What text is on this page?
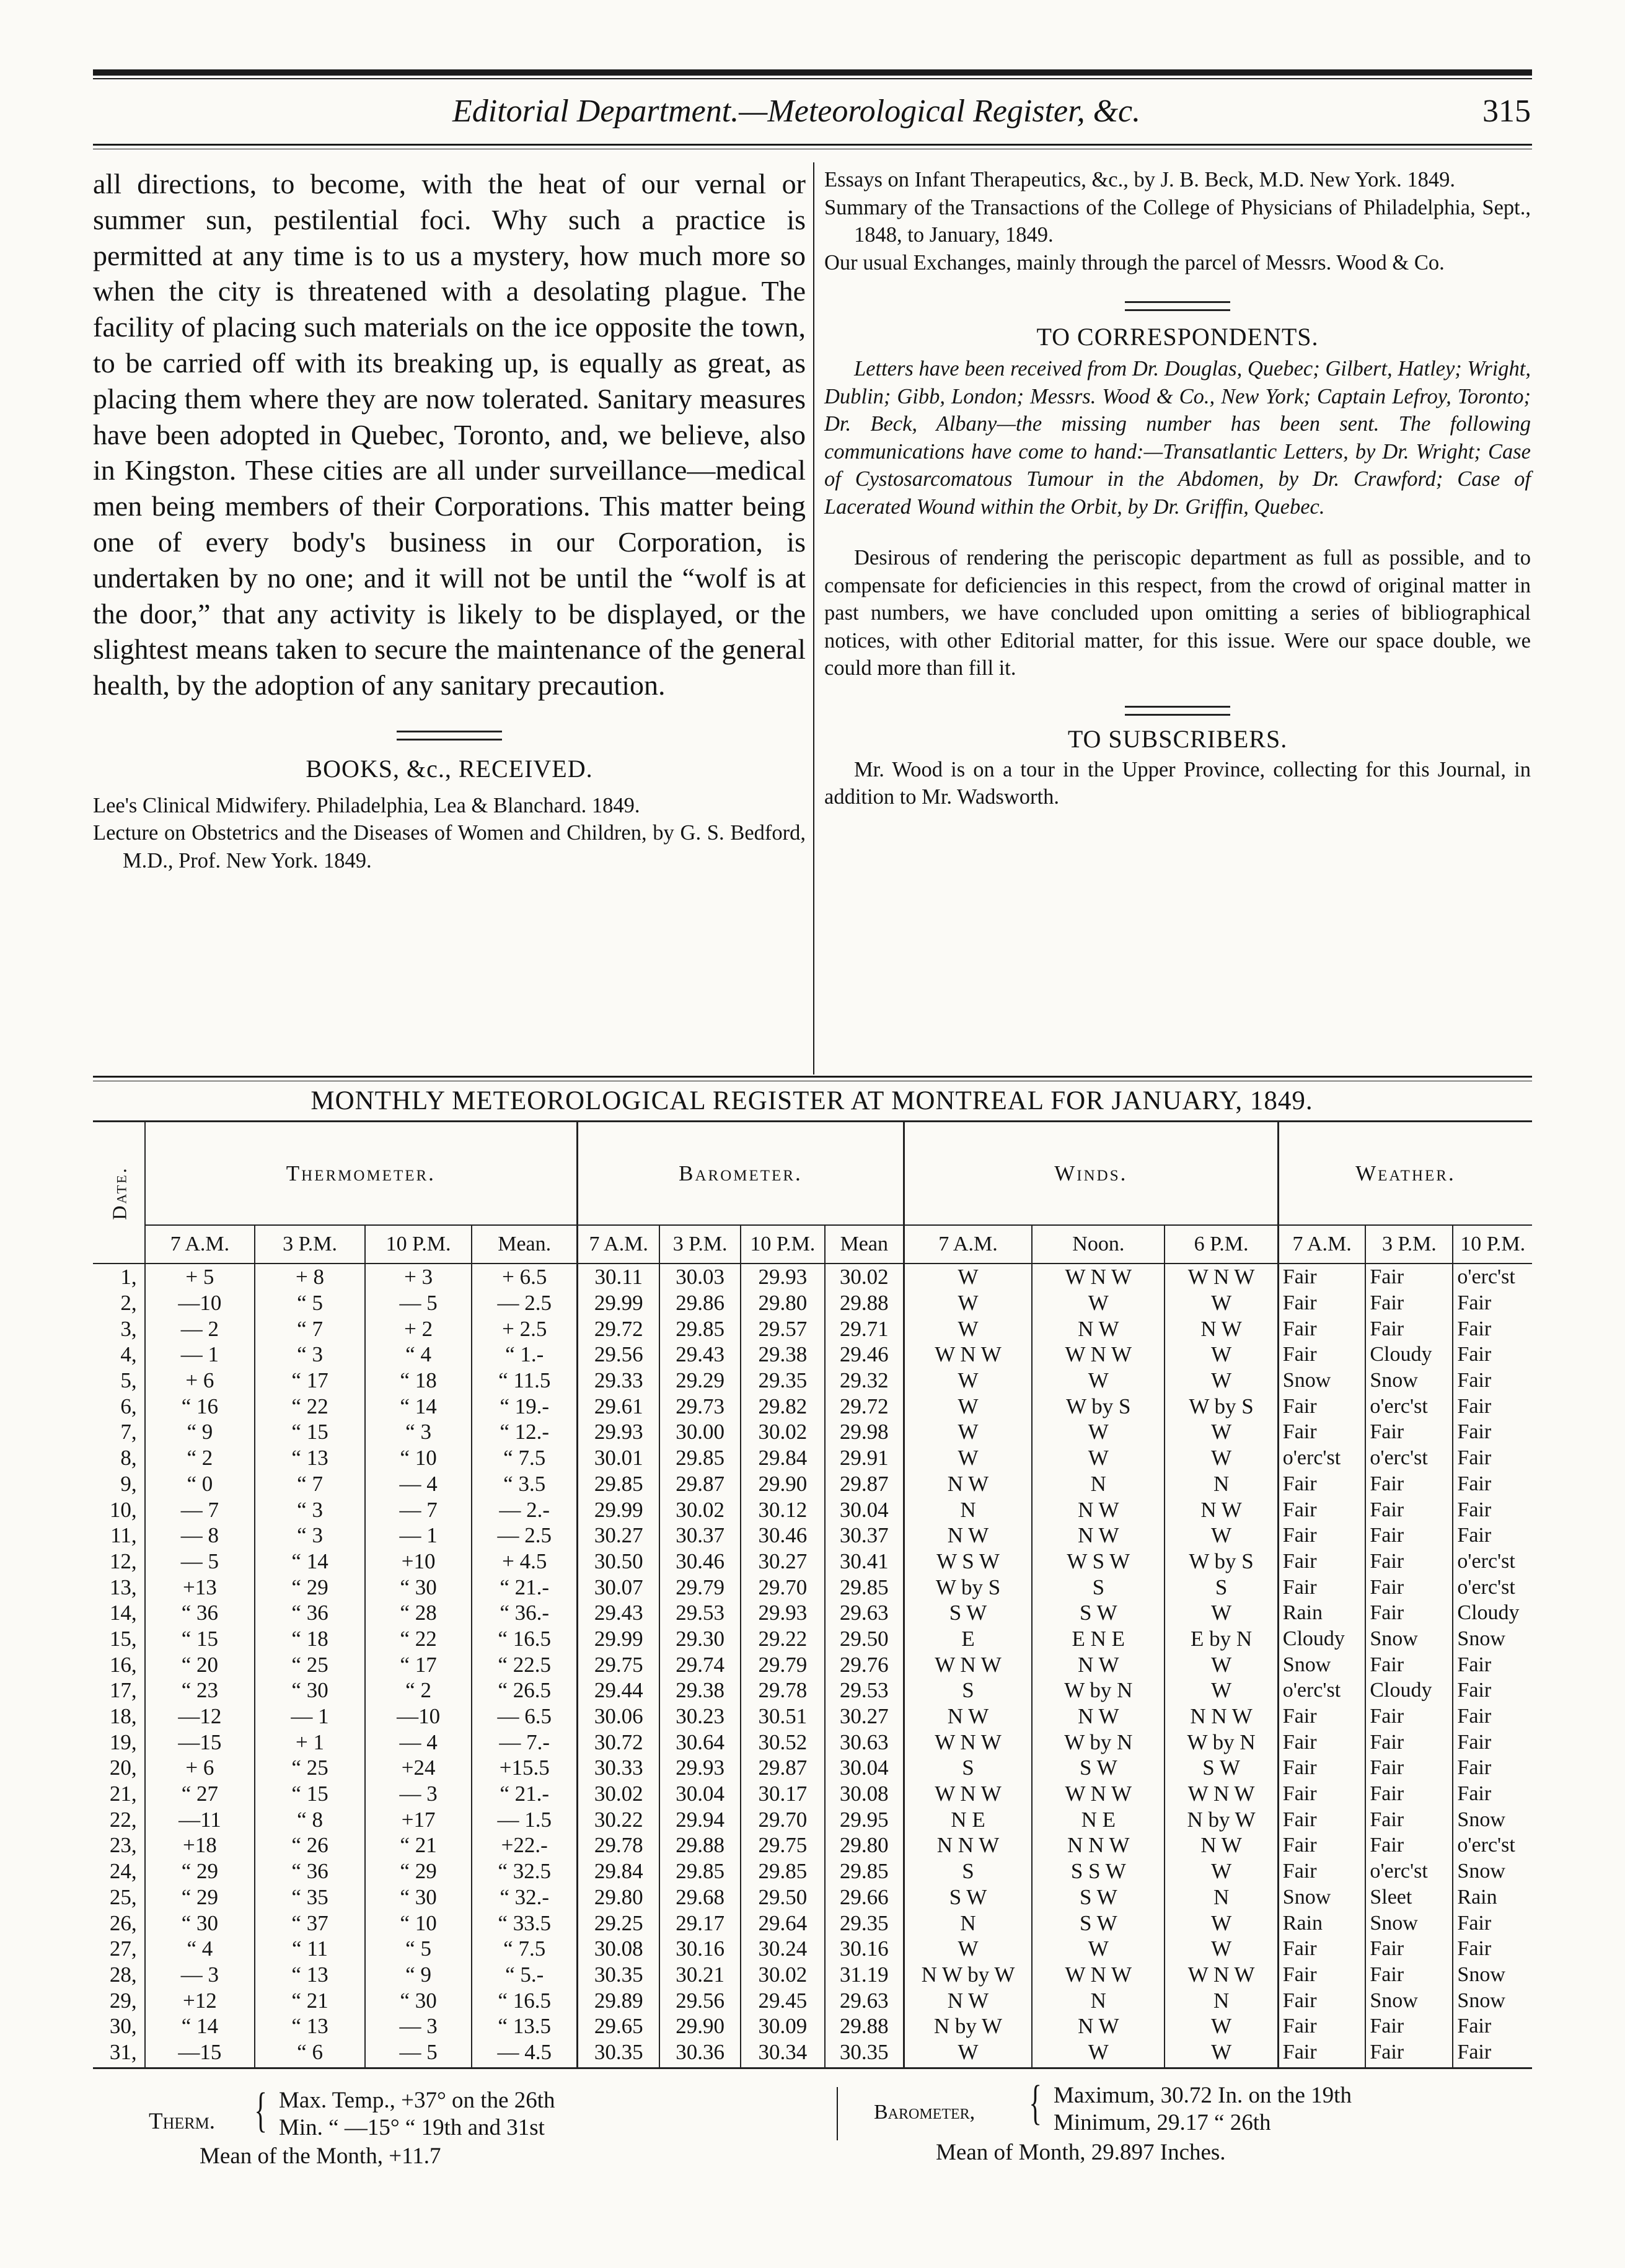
Editorial Department.—Meteorological Register, &c.	315

all directions, to become, with the heat of our vernal or summer sun, pestilential foci. Why such a practice is permitted at any time is to us a mystery, how much more so when the city is threatened with a desolating plague. The facility of placing such materials on the ice opposite the town, to be carried off with its breaking up, is equally as great, as placing them where they are now tolerated. Sanitary measures have been adopted in Quebec, Toronto, and, we believe, also in Kingston. These cities are all under surveillance—medical men being members of their Corporations. This matter being one of every body's business in our Corporation, is undertaken by no one; and it will not be until the “wolf is at the door,” that any activity is likely to be displayed, or the slightest means taken to secure the maintenance of the general health, by the adoption of any sanitary precaution.

BOOKS, &c., RECEIVED.

Lee's Clinical Midwifery. Philadelphia, Lea & Blanchard. 1849.

Lecture on Obstetrics and the Diseases of Women and Children, by G. S. Bedford, M.D., Prof. New York. 1849.

Essays on Infant Therapeutics, &c., by J. B. Beck, M.D. New York. 1849.

Summary of the Transactions of the College of Physicians of Philadelphia, Sept., 1848, to January, 1849.

Our usual Exchanges, mainly through the parcel of Messrs. Wood & Co.

TO CORRESPONDENTS.

Letters have been received from Dr. Douglas, Quebec; Gilbert, Hatley; Wright, Dublin; Gibb, London; Messrs. Wood & Co., New York; Captain Lefroy, Toronto; Dr. Beck, Albany—the missing number has been sent. The following communications have come to hand:—Transatlantic Letters, by Dr. Wright; Case of Cystosarcomatous Tumour in the Abdomen, by Dr. Crawford; Case of Lacerated Wound within the Orbit, by Dr. Griffin, Quebec.

Desirous of rendering the periscopic department as full as possible, and to compensate for deficiencies in this respect, from the crowd of original matter in past numbers, we have concluded upon omitting a series of bibliographical notices, with other Editorial matter, for this issue. Were our space double, we could more than fill it.

TO SUBSCRIBERS.

Mr. Wood is on a tour in the Upper Province, collecting for this Journal, in addition to Mr. Wadsworth.

MONTHLY METEOROLOGICAL REGISTER AT MONTREAL FOR JANUARY, 1849.
Date.	Thermometer.				Barometer.				Winds.			Weather.		
	7 A.M.	3 P.M.	10 P.M.	Mean.	7 A.M.	3 P.M.	10 P.M.	Mean	7 A.M.	Noon.	6 P.M.	7 A.M.	3 P.M.	10 P.M.
1,	+ 5	+ 8	+ 3	+ 6.5	30.11	30.03	29.93	30.02	W	W N W	W N W	Fair	Fair	o'erc'st
2,	—10	“ 5	— 5	— 2.5	29.99	29.86	29.80	29.88	W	W	W	Fair	Fair	Fair
3,	— 2	“ 7	+ 2	+ 2.5	29.72	29.85	29.57	29.71	W	N W	N W	Fair	Fair	Fair
4,	— 1	“ 3	“ 4	“ 1.-	29.56	29.43	29.38	29.46	W N W	W N W	W	Fair	Cloudy	Fair
5,	+ 6	“ 17	“ 18	“ 11.5	29.33	29.29	29.35	29.32	W	W	W	Snow	Snow	Fair
6,	“ 16	“ 22	“ 14	“ 19.-	29.61	29.73	29.82	29.72	W	W by S	W by S	Fair	o'erc'st	Fair
7,	“ 9	“ 15	“ 3	“ 12.-	29.93	30.00	30.02	29.98	W	W	W	Fair	Fair	Fair
8,	“ 2	“ 13	“ 10	“ 7.5	30.01	29.85	29.84	29.91	W	W	W	o'erc'st	o'erc'st	Fair
9,	“ 0	“ 7	— 4	“ 3.5	29.85	29.87	29.90	29.87	N W	N	N	Fair	Fair	Fair
10,	— 7	“ 3	— 7	— 2.-	29.99	30.02	30.12	30.04	N	N W	N W	Fair	Fair	Fair
11,	— 8	“ 3	— 1	— 2.5	30.27	30.37	30.46	30.37	N W	N W	W	Fair	Fair	Fair
12,	— 5	“ 14	+10	+ 4.5	30.50	30.46	30.27	30.41	W S W	W S W	W by S	Fair	Fair	o'erc'st
13,	+13	“ 29	“ 30	“ 21.-	30.07	29.79	29.70	29.85	W by S	S	S	Fair	Fair	o'erc'st
14,	“ 36	“ 36	“ 28	“ 36.-	29.43	29.53	29.93	29.63	S W	S W	W	Rain	Fair	Cloudy
15,	“ 15	“ 18	“ 22	“ 16.5	29.99	29.30	29.22	29.50	E	E N E	E by N	Cloudy	Snow	Snow
16,	“ 20	“ 25	“ 17	“ 22.5	29.75	29.74	29.79	29.76	W N W	N W	W	Snow	Fair	Fair
17,	“ 23	“ 30	“ 2	“ 26.5	29.44	29.38	29.78	29.53	S	W by N	W	o'erc'st	Cloudy	Fair
18,	—12	— 1	—10	— 6.5	30.06	30.23	30.51	30.27	N W	N W	N N W	Fair	Fair	Fair
19,	—15	+ 1	— 4	— 7.-	30.72	30.64	30.52	30.63	W N W	W by N	W by N	Fair	Fair	Fair
20,	+ 6	“ 25	+24	+15.5	30.33	29.93	29.87	30.04	S	S W	S W	Fair	Fair	Fair
21,	“ 27	“ 15	— 3	“ 21.-	30.02	30.04	30.17	30.08	W N W	W N W	W N W	Fair	Fair	Fair
22,	—11	“ 8	+17	— 1.5	30.22	29.94	29.70	29.95	N E	N E	N by W	Fair	Fair	Snow
23,	+18	“ 26	“ 21	+22.-	29.78	29.88	29.75	29.80	N N W	N N W	N W	Fair	Fair	o'erc'st
24,	“ 29	“ 36	“ 29	“ 32.5	29.84	29.85	29.85	29.85	S	S S W	W	Fair	o'erc'st	Snow
25,	“ 29	“ 35	“ 30	“ 32.-	29.80	29.68	29.50	29.66	S W	S W	N	Snow	Sleet	Rain
26,	“ 30	“ 37	“ 10	“ 33.5	29.25	29.17	29.64	29.35	N	S W	W	Rain	Snow	Fair
27,	“ 4	“ 11	“ 5	“ 7.5	30.08	30.16	30.24	30.16	W	W	W	Fair	Fair	Fair
28,	— 3	“ 13	“ 9	“ 5.-	30.35	30.21	30.02	31.19	N W by W	W N W	W N W	Fair	Fair	Snow
29,	+12	“ 21	“ 30	“ 16.5	29.89	29.56	29.45	29.63	N W	N	N	Fair	Snow	Snow
30,	“ 14	“ 13	— 3	“ 13.5	29.65	29.90	30.09	29.88	N by W	N W	W	Fair	Fair	Fair
31,	—15	“ 6	— 5	— 4.5	30.35	30.36	30.34	30.35	W	W	W	Fair	Fair	Fair
Therm. { Max. Temp., +37° on the 26th
Min. “ —15° “ 19th and 31st
Mean of the Month, +11.7
Barometer, { Maximum, 30.72 In. on the 19th
Minimum, 29.17 “ 26th
Mean of Month, 29.897 Inches.
